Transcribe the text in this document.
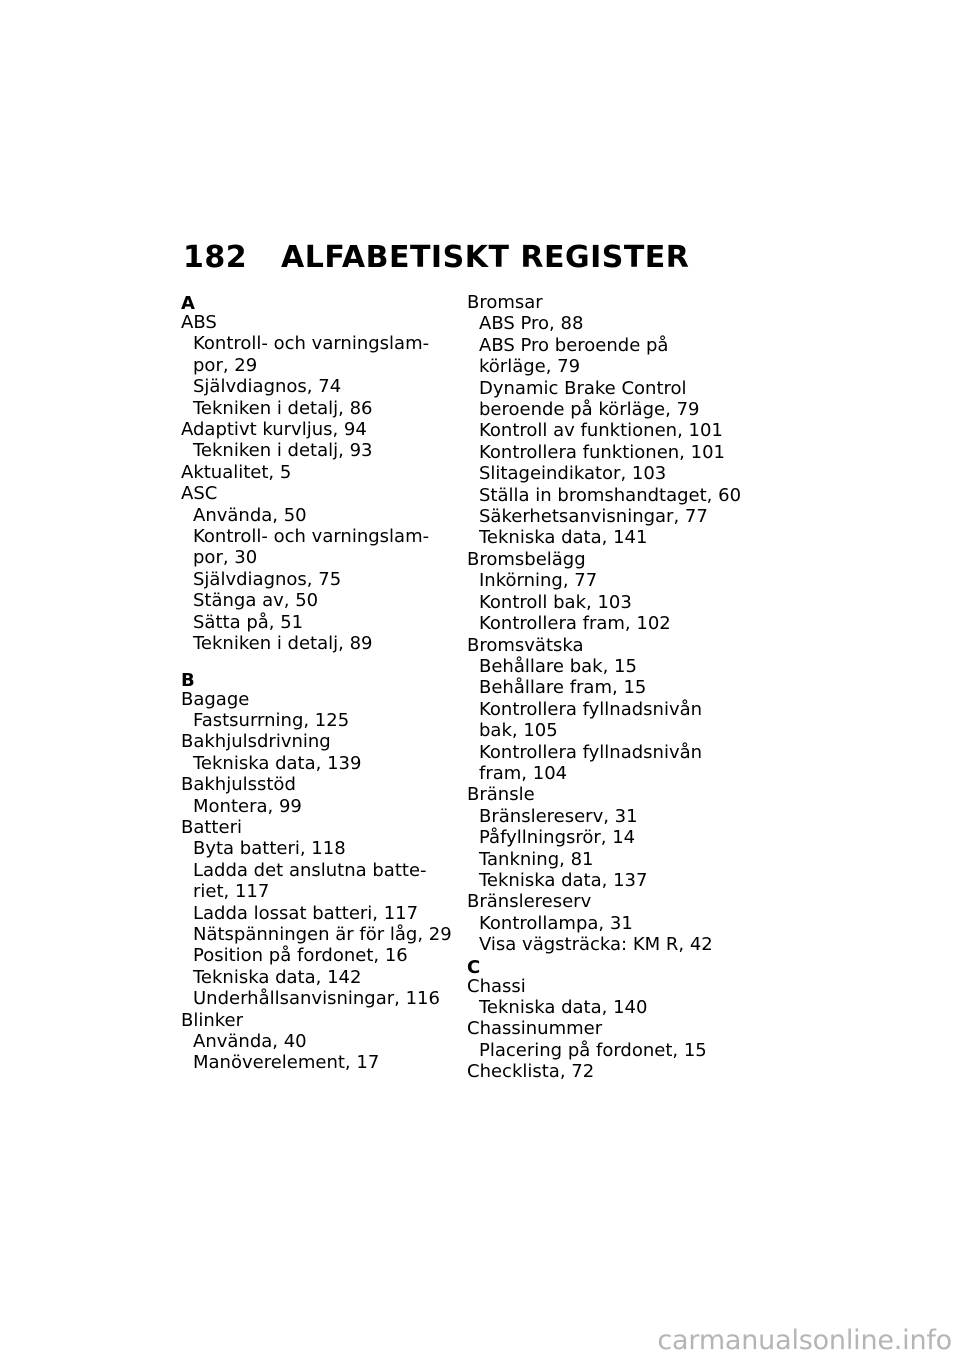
182 ALFABETISKT REGISTER
A
ABS
Kontroll- och varningslam-
por, 29
Självdiagnos, 74
Tekniken i detalj, 86
Adaptivt kurvljus, 94
Tekniken i detalj, 93
Aktualitet, 5
ASC
Använda, 50
Kontroll- och varningslam-
por, 30
Självdiagnos, 75
Stänga av, 50
Sätta på, 51
Tekniken i detalj, 89
B
Bagage
Fastsurrning, 125
Bakhjulsdrivning
Tekniska data, 139
Bakhjulsstöd
Montera, 99
Batteri
Byta batteri, 118
Ladda det anslutna batte-
riet, 117
Ladda lossat batteri, 117
Nätspänningen är för låg, 29
Position på fordonet, 16
Tekniska data, 142
Underhållsanvisningar, 116
Blinker
Använda, 40
Manöverelement, 17
Bromsar
ABS Pro, 88
ABS Pro beroende på
körläge, 79
Dynamic Brake Control
beroende på körläge, 79
Kontroll av funktionen, 101
Kontrollera funktionen, 101
Slitageindikator, 103
Ställa in bromshandtaget, 60
Säkerhetsanvisningar, 77
Tekniska data, 141
Bromsbelägg
Inkörning, 77
Kontroll bak, 103
Kontrollera fram, 102
Bromsvätska
Behållare bak, 15
Behållare fram, 15
Kontrollera fyllnadsnivån
bak, 105
Kontrollera fyllnadsnivån
fram, 104
Bränsle
Bränslereserv, 31
Påfyllningsrör, 14
Tankning, 81
Tekniska data, 137
Bränslereserv
Kontrollampa, 31
Visa vägsträcka: KM R, 42
C
Chassi
Tekniska data, 140
Chassinummer
Placering på fordonet, 15
Checklista, 72
carmanualsonline.info
